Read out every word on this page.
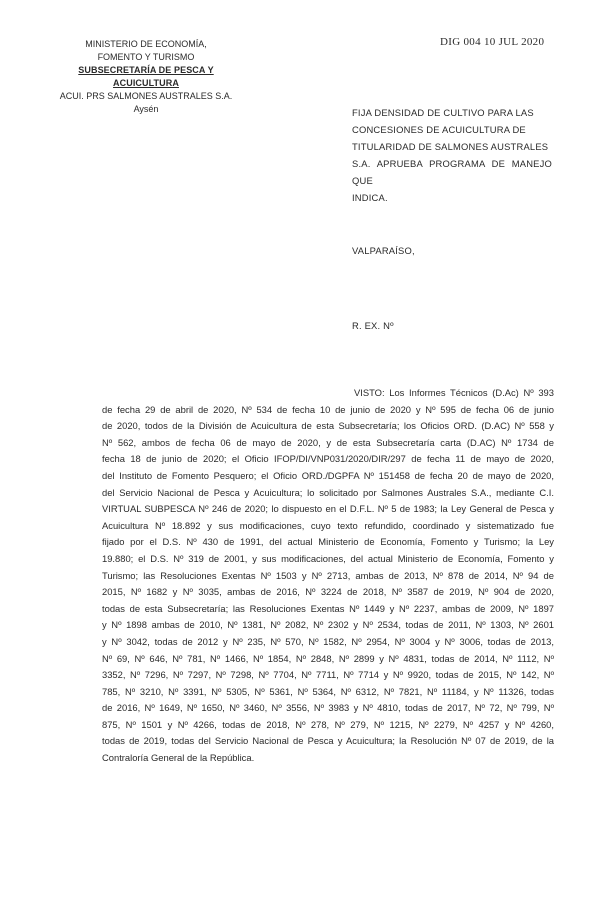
MINISTERIO DE ECONOMÍA,
FOMENTO Y TURISMO
SUBSECRETARÍA DE PESCA Y ACUICULTURA
ACUI. PRS SALMONES AUSTRALES S.A.
Aysén
DIG 004 10 JUL 2020
FIJA DENSIDAD DE CULTIVO PARA LAS
CONCESIONES DE ACUICULTURA DE
TITULARIDAD DE SALMONES AUSTRALES
S.A. APRUEBA PROGRAMA DE MANEJO QUE
INDICA.
VALPARAÍSO,
R. EX. Nº
VISTO: Los Informes Técnicos (D.Ac) Nº 393
de fecha 29 de abril de 2020, Nº 534 de fecha 10 de junio de 2020 y Nº 595 de fecha 06 de junio
de 2020, todos de la División de Acuicultura de esta Subsecretaría; los Oficios ORD. (D.AC) Nº 558 y
Nº 562, ambos de fecha 06 de mayo de 2020, y de esta Subsecretaría carta (D.AC) Nº 1734 de
fecha 18 de junio de 2020; el Oficio IFOP/DI/VNP031/2020/DIR/297 de fecha 11 de mayo de 2020,
del Instituto de Fomento Pesquero; el Oficio ORD./DGPFA Nº 151458 de fecha 20 de mayo de 2020,
del Servicio Nacional de Pesca y Acuicultura; lo solicitado por Salmones Australes S.A., mediante C.I.
VIRTUAL SUBPESCA Nº 246 de 2020; lo dispuesto en el D.F.L. Nº 5 de 1983; la Ley General de Pesca y
Acuicultura Nº 18.892 y sus modificaciones, cuyo texto refundido, coordinado y sistematizado fue
fijado por el D.S. Nº 430 de 1991, del actual Ministerio de Economía, Fomento y Turismo; la Ley
19.880; el D.S. Nº 319 de 2001, y sus modificaciones, del actual Ministerio de Economía, Fomento y
Turismo; las Resoluciones Exentas Nº 1503 y Nº 2713, ambas de 2013, Nº 878 de 2014, Nº 94 de
2015, Nº 1682 y Nº 3035, ambas de 2016, Nº 3224 de 2018, Nº 3587 de 2019, Nº 904 de 2020,
todas de esta Subsecretaría; las Resoluciones Exentas Nº 1449 y Nº 2237, ambas de 2009, Nº 1897
y Nº 1898 ambas de 2010, Nº 1381, Nº 2082, Nº 2302 y Nº 2534, todas de 2011, Nº 1303, Nº 2601
y Nº 3042, todas de 2012 y Nº 235, Nº 570, Nº 1582, Nº 2954, Nº 3004 y Nº 3006, todas de 2013,
Nº 69, Nº 646, Nº 781, Nº 1466, Nº 1854, Nº 2848, Nº 2899 y Nº 4831, todas de 2014, Nº 1112, Nº
3352, Nº 7296, Nº 7297, Nº 7298, Nº 7704, Nº 7711, Nº 7714 y Nº 9920, todas de 2015, Nº 142, Nº
785, Nº 3210, Nº 3391, Nº 5305, Nº 5361, Nº 5364, Nº 6312, Nº 7821, Nº 11184, y Nº 11326, todas
de 2016, Nº 1649, Nº 1650, Nº 3460, Nº 3556, Nº 3983 y Nº 4810, todas de 2017, Nº 72, Nº 799, Nº
875, Nº 1501 y Nº 4266, todas de 2018, Nº 278, Nº 279, Nº 1215, Nº 2279, Nº 4257 y Nº 4260,
todas de 2019, todas del Servicio Nacional de Pesca y Acuicultura; la Resolución Nº 07 de 2019, de la
Contraloría General de la República.
